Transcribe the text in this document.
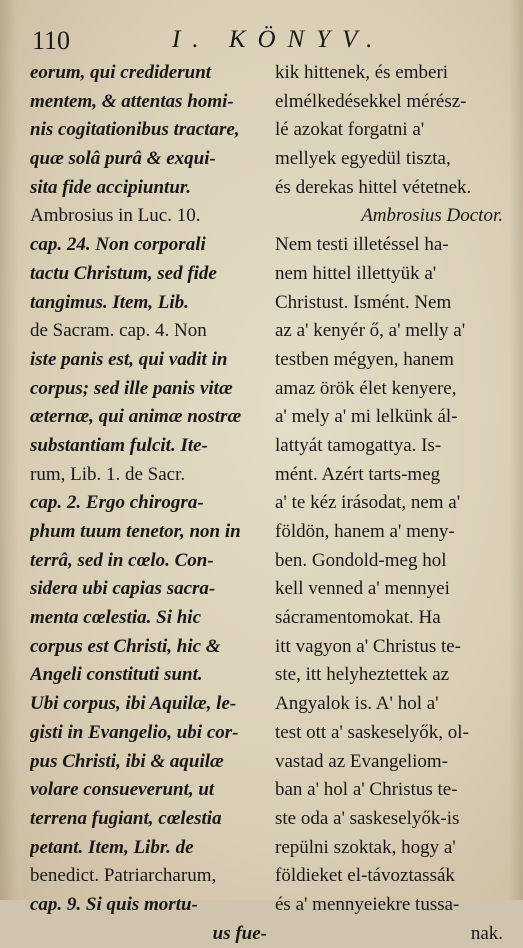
110	I. KÖNYV.
eorum, qui crediderunt
mentem, & attentas homi-
nis cogitationibus tractare,
quæ solâ purâ & exqui-
sita fide accipiuntur.
Ambrosius in Luc. 10.
cap. 24. Non corporali
tactu Christum, sed fide
tangimus. Item, Lib.
de Sacram. cap. 4. Non
iste panis est, qui vadit in
corpus; sed ille panis vitæ
æternæ, qui animæ nostræ
substantiam fulcit. Ite-
rum, Lib. 1. de Sacr.
cap. 2. Ergo chirogra-
phum tuum tenetor, non in
terrâ, sed in cœlo. Con-
sidera ubi capias sacra-
menta cœlestia. Si hic
corpus est Christi, hic &
Angeli constituti sunt.
Ubi corpus, ibi Aquilæ, le-
gisti in Evangelio, ubi cor-
pus Christi, ibi & aquilæ
volare consueverunt, ut
terrena fugiant, cœlestia
petant. Item, Libr. de
benedict. Patriarcharum,
cap. 9. Si quis mortu-
us fue-
kik hittenek, és emberi
elmélkedésekkel mérész-
lé azokat forgatni a'
mellyek egyedül tiszta,
és derekas hittel vétetnek.
Ambrosius Doctor.
Nem testi illetéssel ha-
nem hittel illettyük a'
Christust. Ismént. Nem
az a' kenyér ő, a' melly a'
testben mégyen, hanem
amaz örök élet kenyere,
a' mely a' mi lelkünk ál-
lattyát tamogattya. Is-
mént. Azért tarts-meg
a' te kéz irásodat, nem a'
földön, hanem a' meny-
ben. Gondold-meg hol
kell venned a' mennyei
sácramentomokat. Ha
itt vagyon a' Christus te-
ste, itt helyheztettek az
Angyalok is. A' hol a'
test ott a' saskeselyők, ol-
vastad az Evangeliom-
ban a' hol a' Christus te-
ste oda a' saskeselyők-is
repülni szoktak, hogy a'
földieket el-távoztassák
és a' mennyeiekre tussa-
nak.
